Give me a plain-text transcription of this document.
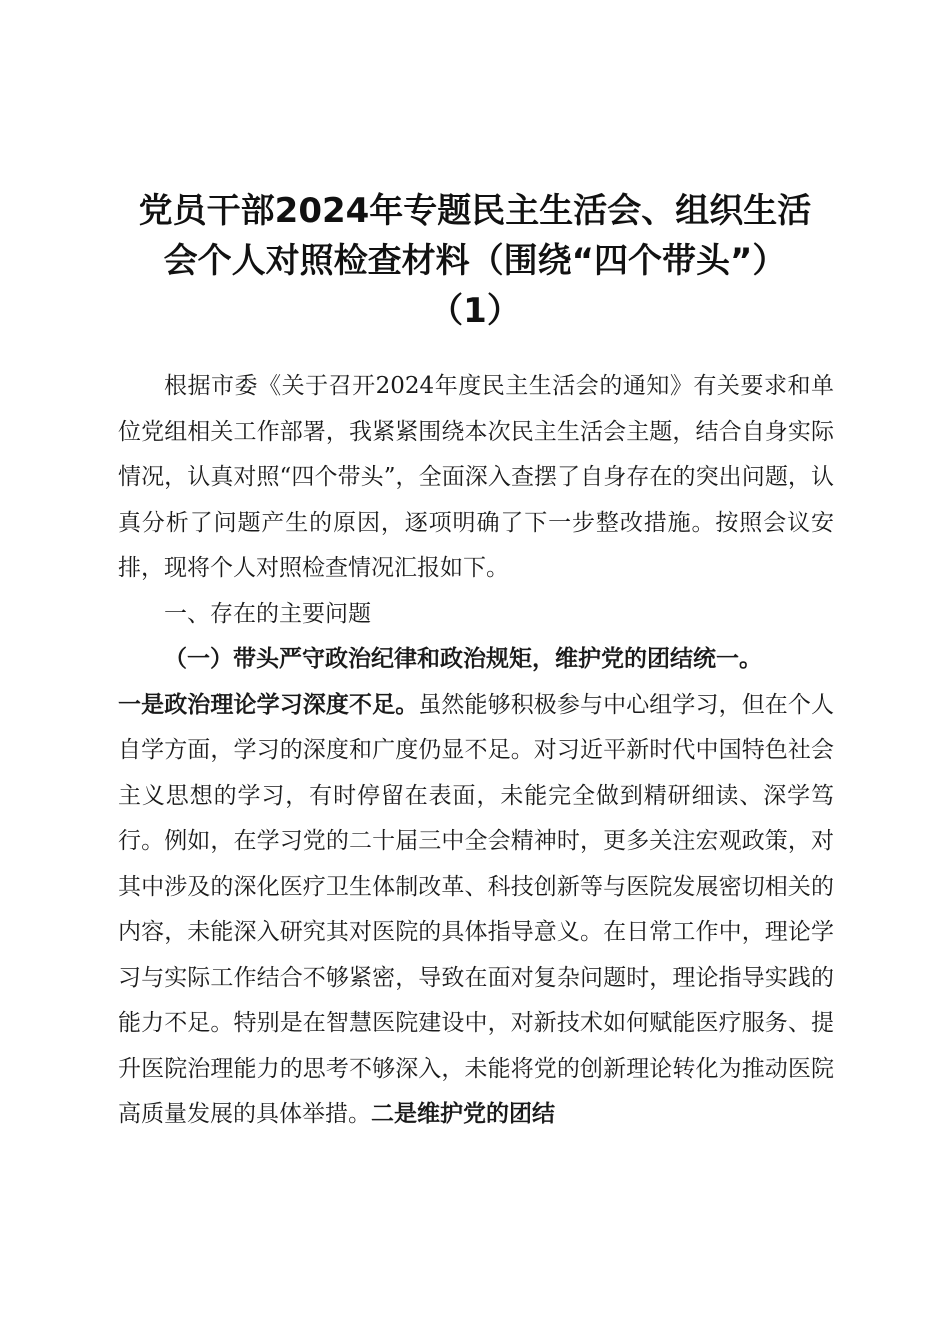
党员干部2024年专题民主生活会、组织生活
会个人对照检查材料（围绕“四个带头”）
（1）

根据市委《关于召开2024年度民主生活会的通知》有关要求和单位党组相关工作部署，我紧紧围绕本次民主生活会主题，结合自身实际情况，认真对照“四个带头”，全面深入查摆了自身存在的突出问题，认真分析了问题产生的原因，逐项明确了下一步整改措施。按照会议安排，现将个人对照检查情况汇报如下。

一、存在的主要问题

（一）带头严守政治纪律和政治规矩，维护党的团结统一。

一是政治理论学习深度不足。虽然能够积极参与中心组学习，但在个人自学方面，学习的深度和广度仍显不足。对习近平新时代中国特色社会主义思想的学习，有时停留在表面，未能完全做到精研细读、深学笃行。例如，在学习党的二十届三中全会精神时，更多关注宏观政策，对其中涉及的深化医疗卫生体制改革、科技创新等与医院发展密切相关的内容，未能深入研究其对医院的具体指导意义。在日常工作中，理论学习与实际工作结合不够紧密，导致在面对复杂问题时，理论指导实践的能力不足。特别是在智慧医院建设中，对新技术如何赋能医疗服务、提升医院治理能力的思考不够深入，未能将党的创新理论转化为推动医院高质量发展的具体举措。二是维护党的团结
